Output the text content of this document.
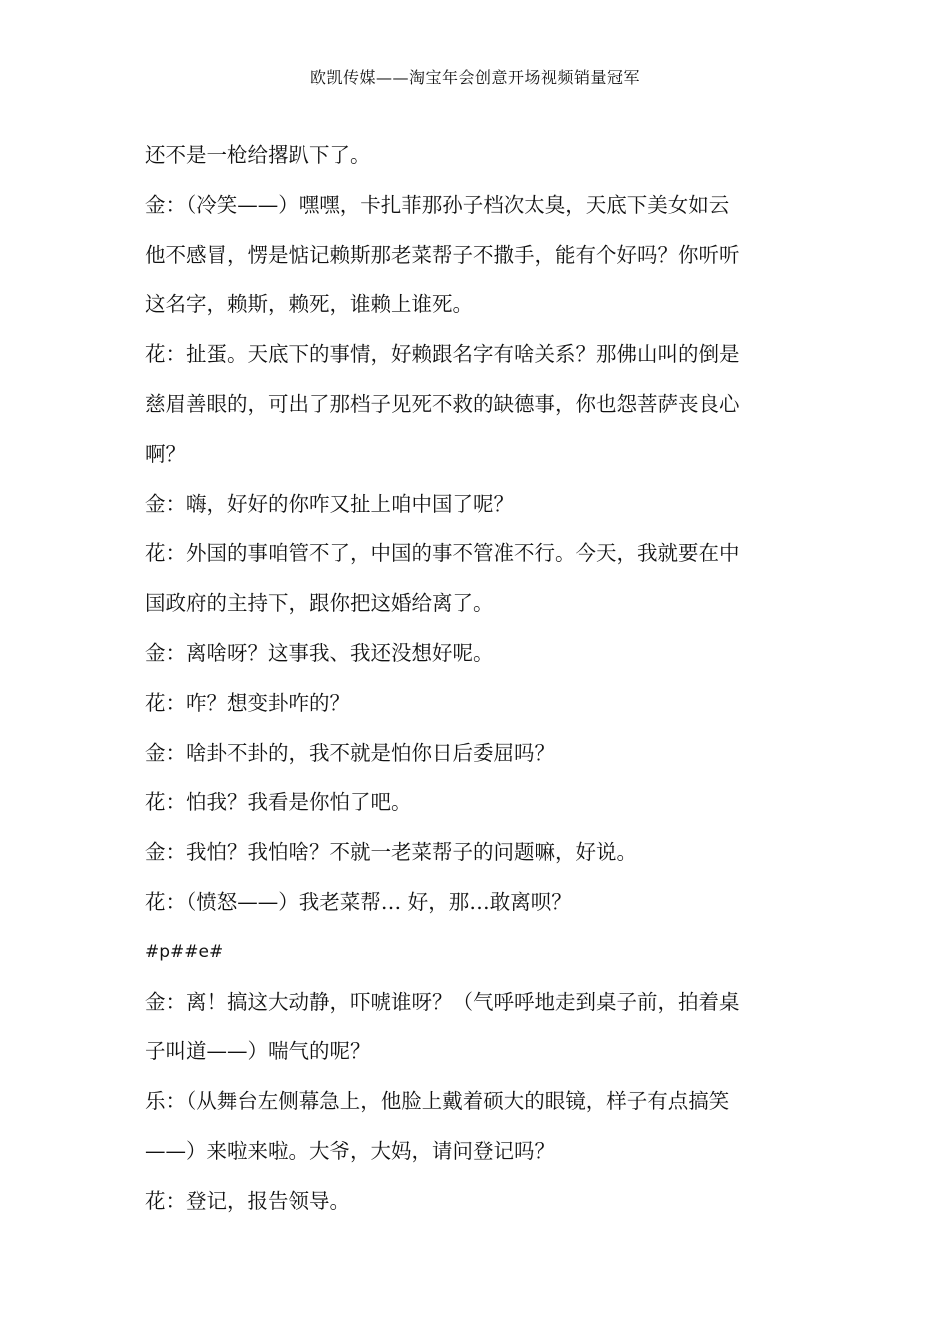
欧凯传媒——淘宝年会创意开场视频销量冠军
还不是一枪给撂趴下了。
金：（冷笑——）嘿嘿，卡扎菲那孙子档次太臭，天底下美女如云
他不感冒，愣是惦记赖斯那老菜帮子不撒手，能有个好吗？你听听
这名字，赖斯，赖死，谁赖上谁死。
花：扯蛋。天底下的事情，好赖跟名字有啥关系？那佛山叫的倒是
慈眉善眼的，可出了那档子见死不救的缺德事，你也怨菩萨丧良心
啊？
金：嗨，好好的你咋又扯上咱中国了呢？
花：外国的事咱管不了，中国的事不管准不行。今天，我就要在中
国政府的主持下，跟你把这婚给离了。
金：离啥呀？这事我、我还没想好呢。
花：咋？想变卦咋的？
金：啥卦不卦的，我不就是怕你日后委屈吗？
花：怕我？我看是你怕了吧。
金：我怕？我怕啥？不就一老菜帮子的问题嘛，好说。
花：（愤怒——）我老菜帮… 好，那…敢离呗？
#p##e#
金：离！搞这大动静，吓唬谁呀？（气呼呼地走到桌子前，拍着桌
子叫道——）喘气的呢？
乐：（从舞台左侧幕急上，他脸上戴着硕大的眼镜，样子有点搞笑
——）来啦来啦。大爷，大妈，请问登记吗？
花：登记，报告领导。
